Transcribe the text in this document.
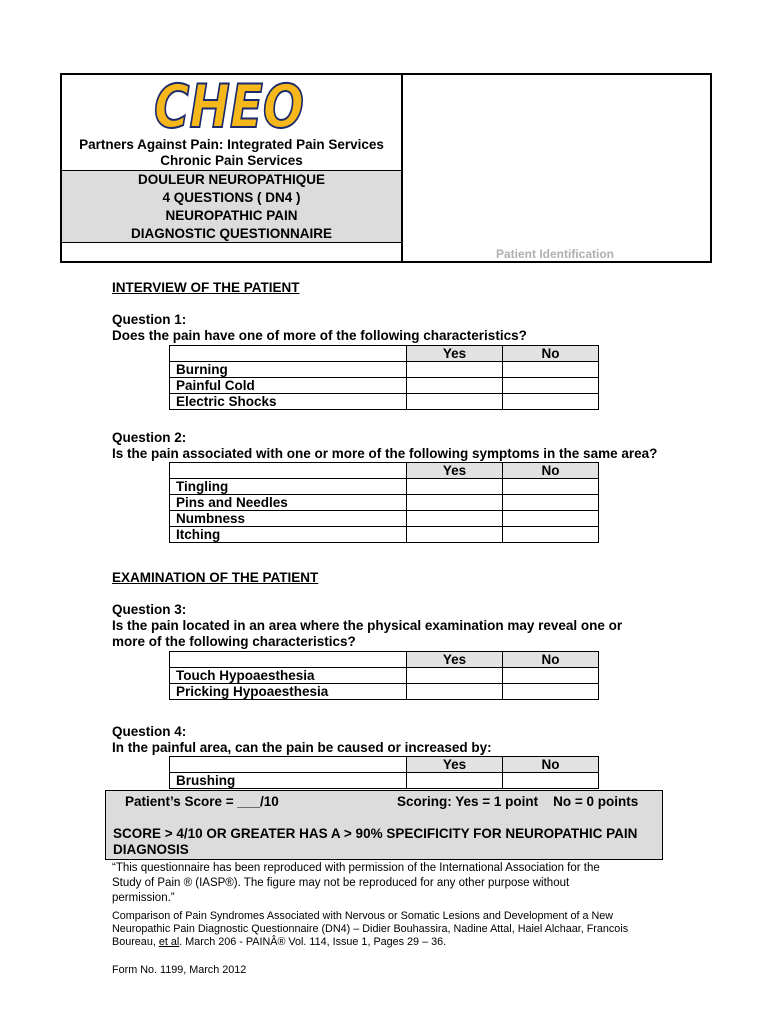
CHEO
Partners Against Pain: Integrated Pain Services
Chronic Pain Services
DOULEUR NEUROPATHIQUE
4 QUESTIONS ( DN4 )
NEUROPATHIC PAIN
DIAGNOSTIC QUESTIONNAIRE
Patient Identification
INTERVIEW OF THE PATIENT
Question 1:
Does the pain have one of more of the following characteristics?
	Yes	No
Burning		
Painful Cold		
Electric Shocks		
Question 2:
Is the pain associated with one or more of the following symptoms in the same area?
	Yes	No
Tingling		
Pins and Needles		
Numbness		
Itching		
EXAMINATION OF THE PATIENT
Question 3:
Is the pain located in an area where the physical examination may reveal one or
more of the following characteristics?
	Yes	No
Touch Hypoaesthesia		
Pricking Hypoaesthesia		
Question 4:
In the painful area, can the pain be caused or increased by:
	Yes	No
Brushing		
Patient’s Score = ___/10	Scoring: Yes = 1 point    No = 0 points
SCORE > 4/10 OR GREATER HAS A > 90% SPECIFICITY FOR NEUROPATHIC PAIN
DIAGNOSIS
“This questionnaire has been reproduced with permission of the International Association for the
Study of Pain ® (IASP®). The figure may not be reproduced for any other purpose without
permission.”
Comparison of Pain Syndromes Associated with Nervous or Somatic Lesions and Development of a New
Neuropathic Pain Diagnostic Questionnaire (DN4) – Didier Bouhassira, Nadine Attal, Haiel Alchaar, Francois
Boureau, et al. March 206 - PAINÂ® Vol. 114, Issue 1, Pages 29 – 36.
Form No. 1199, March 2012
